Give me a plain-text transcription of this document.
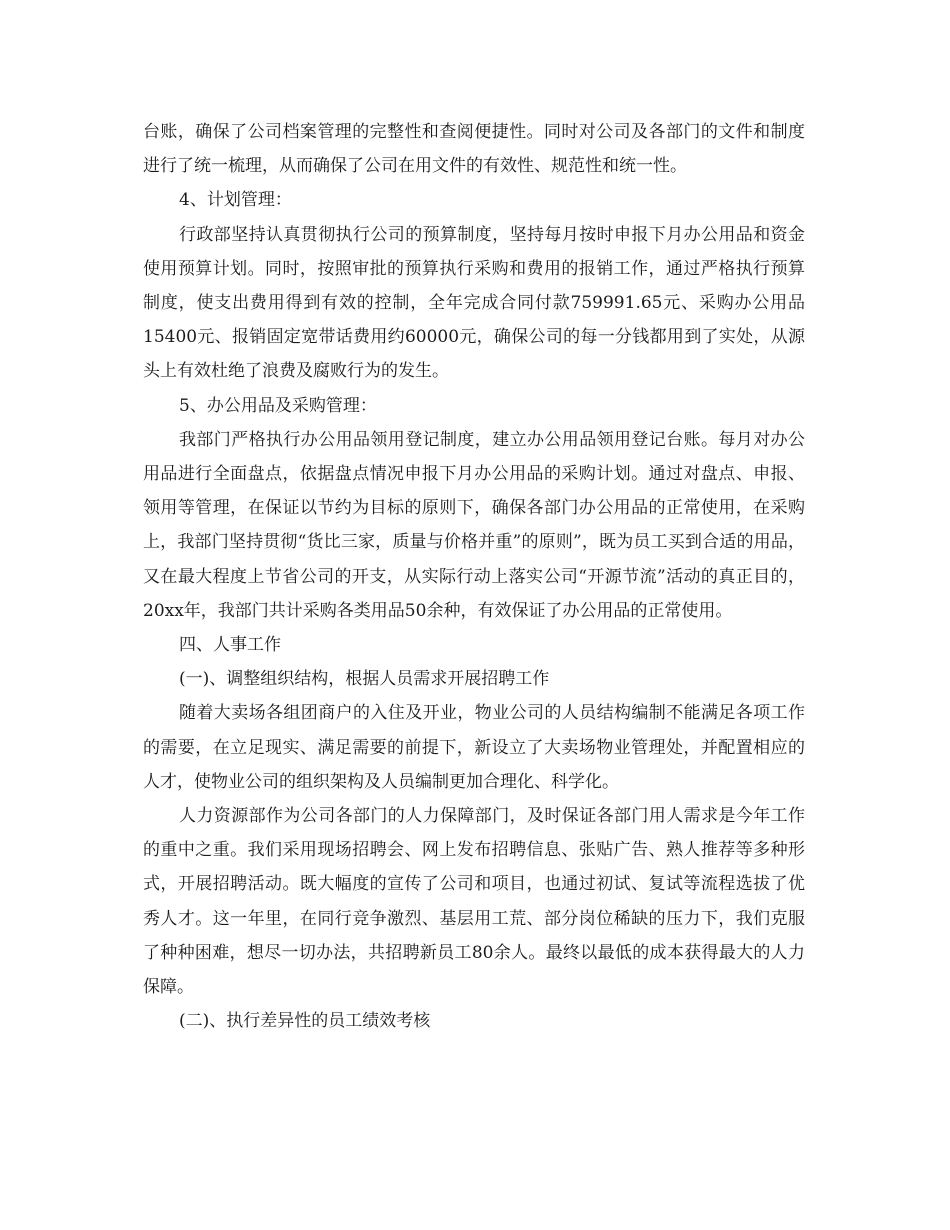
台账，确保了公司档案管理的完整性和查阅便捷性。同时对公司及各部门的文件和制度进行了统一梳理，从而确保了公司在用文件的有效性、规范性和统一性。

4、计划管理：

行政部坚持认真贯彻执行公司的预算制度，坚持每月按时申报下月办公用品和资金使用预算计划。同时，按照审批的预算执行采购和费用的报销工作，通过严格执行预算制度，使支出费用得到有效的控制，全年完成合同付款759991.65元、采购办公用品15400元、报销固定宽带话费用约60000元，确保公司的每一分钱都用到了实处，从源头上有效杜绝了浪费及腐败行为的发生。

5、办公用品及采购管理：

我部门严格执行办公用品领用登记制度，建立办公用品领用登记台账。每月对办公用品进行全面盘点，依据盘点情况申报下月办公用品的采购计划。通过对盘点、申报、领用等管理，在保证以节约为目标的原则下，确保各部门办公用品的正常使用，在采购上，我部门坚持贯彻“货比三家，质量与价格并重”的原则”，既为员工买到合适的用品，又在最大程度上节省公司的开支，从实际行动上落实公司“开源节流”活动的真正目的，20xx年，我部门共计采购各类用品50余种，有效保证了办公用品的正常使用。

四、人事工作

(一)、调整组织结构，根据人员需求开展招聘工作

随着大卖场各组团商户的入住及开业，物业公司的人员结构编制不能满足各项工作的需要，在立足现实、满足需要的前提下，新设立了大卖场物业管理处，并配置相应的人才，使物业公司的组织架构及人员编制更加合理化、科学化。

人力资源部作为公司各部门的人力保障部门，及时保证各部门用人需求是今年工作的重中之重。我们采用现场招聘会、网上发布招聘信息、张贴广告、熟人推荐等多种形式，开展招聘活动。既大幅度的宣传了公司和项目，也通过初试、复试等流程选拔了优秀人才。这一年里，在同行竞争激烈、基层用工荒、部分岗位稀缺的压力下，我们克服了种种困难，想尽一切办法，共招聘新员工80余人。最终以最低的成本获得最大的人力保障。

(二)、执行差异性的员工绩效考核
